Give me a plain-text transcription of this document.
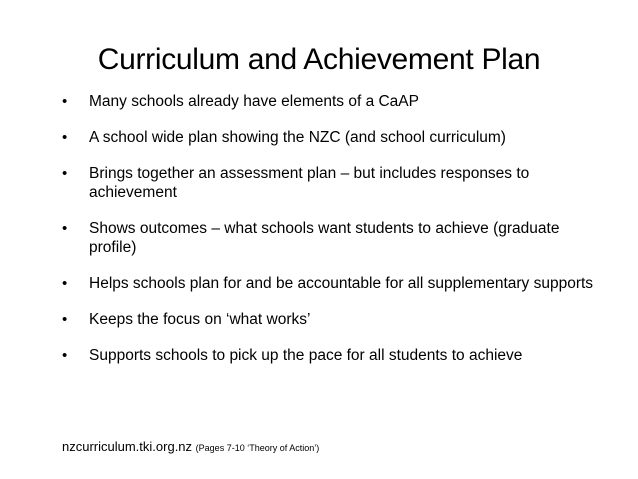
Curriculum and Achievement Plan
• Many schools already have elements of a CaAP
• A school wide plan showing the NZC (and school curriculum)
• Brings together an assessment plan – but includes responses to achievement
• Shows outcomes – what schools want students to achieve (graduate profile)
• Helps schools plan for and be accountable for all supplementary supports
• Keeps the focus on ‘what works’
• Supports schools to pick up the pace for all students to achieve
nzcurriculum.tki.org.nz (Pages 7-10 ‘Theory of Action’)
